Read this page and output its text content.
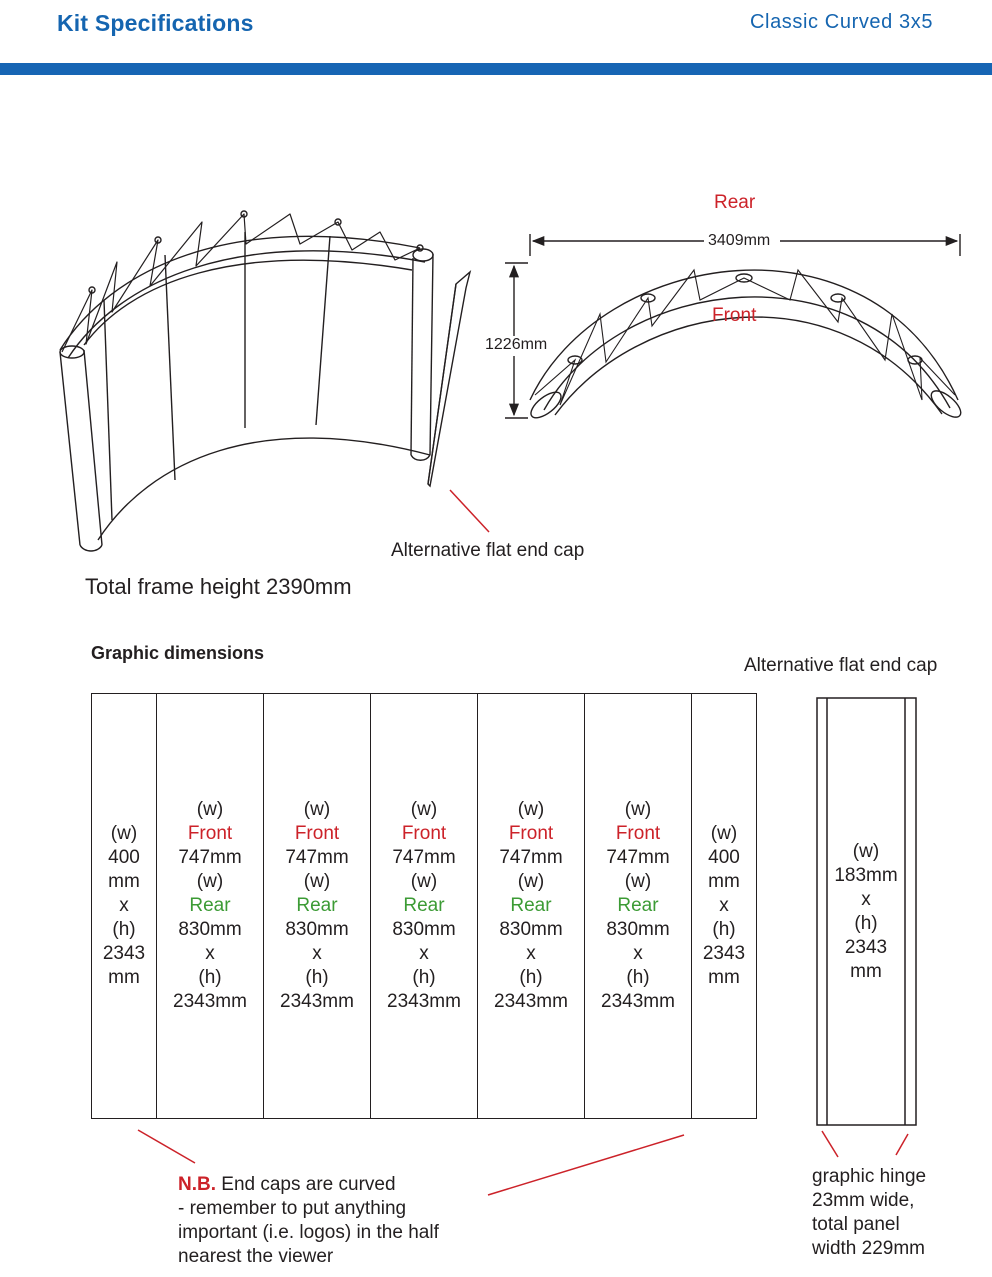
Kit Specifications	Classic Curved 3x5
Rear
3409mm
Front
1226mm
Alternative flat end cap
Total frame height 2390mm
Graphic dimensions
Alternative flat end cap
(w)
400
mm
x
(h)
2343
mm
(w)
Front
747mm
(w)
Rear
830mm
x
(h)
2343mm
(w)
Front
747mm
(w)
Rear
830mm
x
(h)
2343mm
(w)
Front
747mm
(w)
Rear
830mm
x
(h)
2343mm
(w)
Front
747mm
(w)
Rear
830mm
x
(h)
2343mm
(w)
Front
747mm
(w)
Rear
830mm
x
(h)
2343mm
(w)
400
mm
x
(h)
2343
mm
(w)
183mm
x
(h)
2343
mm
N.B. End caps are curved
- remember to put anything
important (i.e. logos) in the half
nearest the viewer
graphic hinge
23mm wide,
total panel
width 229mm
